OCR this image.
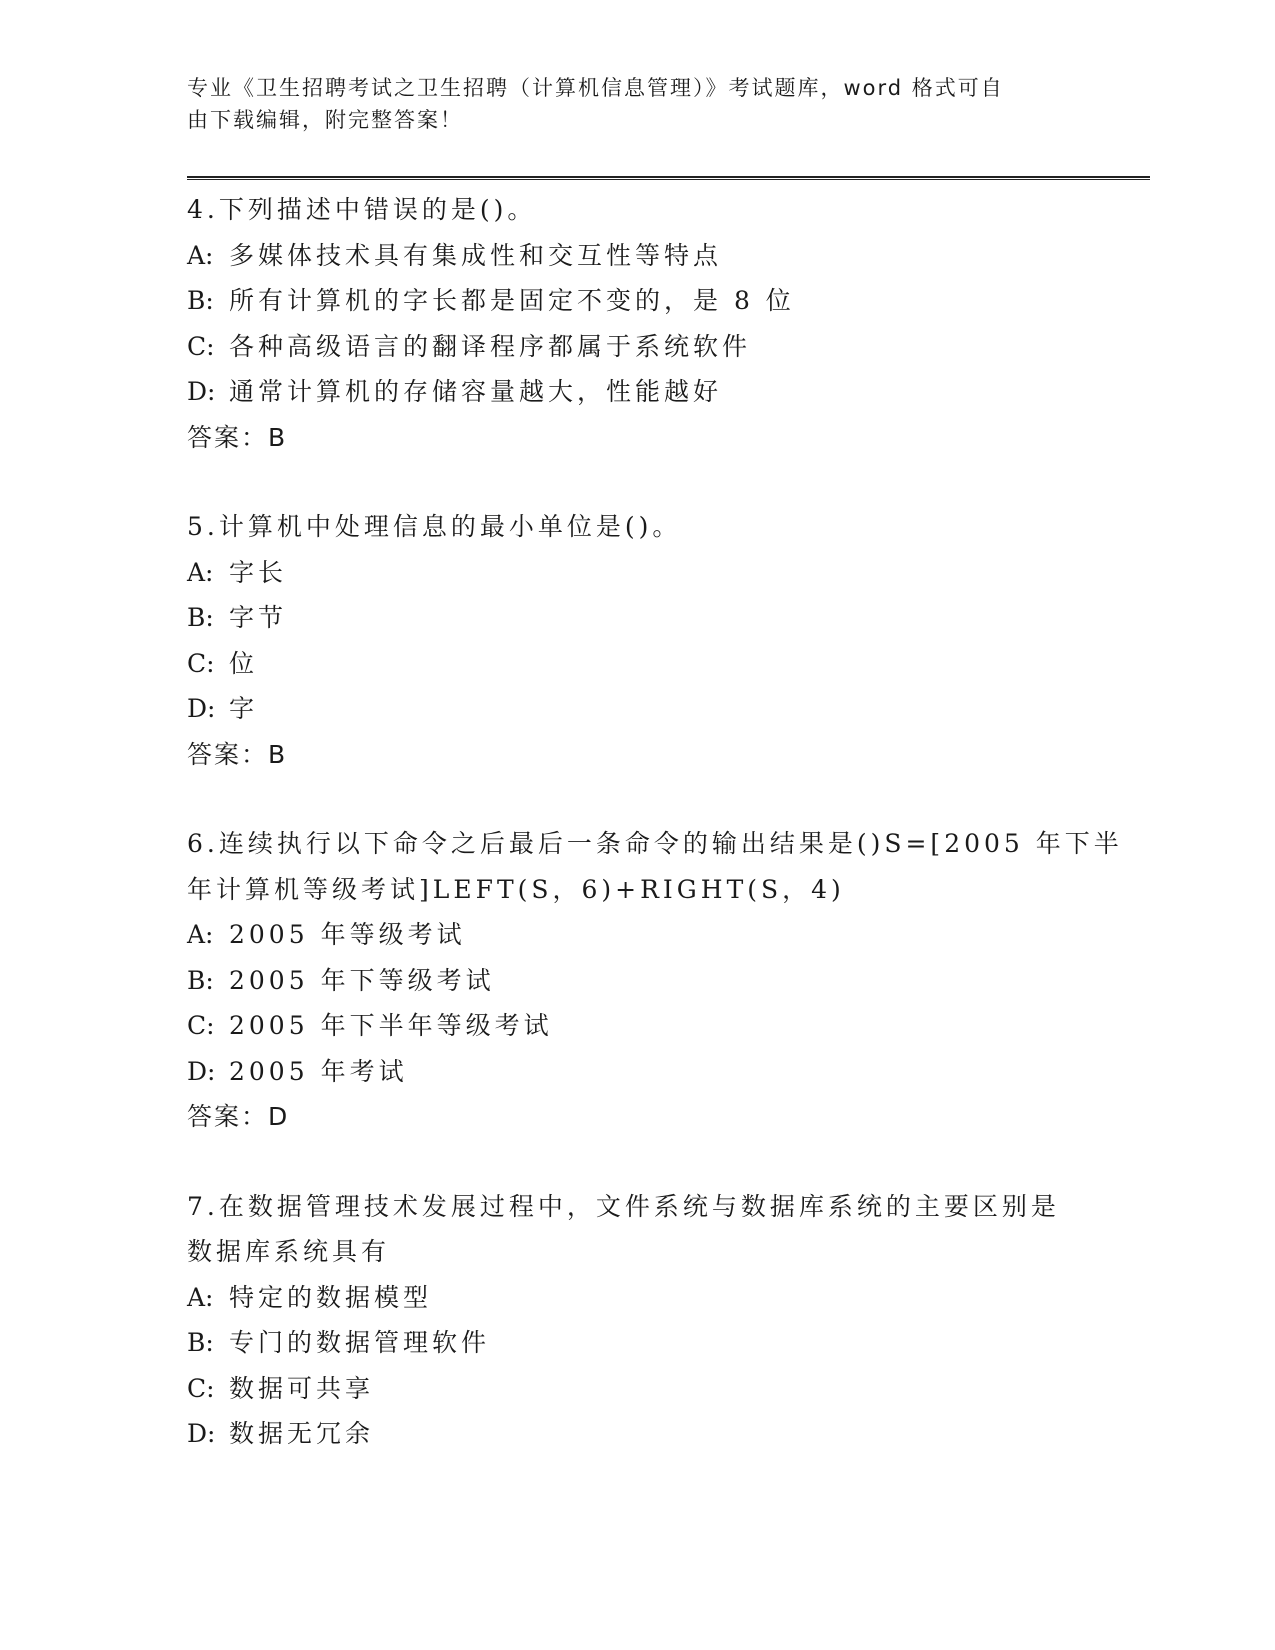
专业《卫生招聘考试之卫生招聘（计算机信息管理）》考试题库，word 格式可自
由下载编辑，附完整答案！
4.下列描述中错误的是()。
A: 多媒体技术具有集成性和交互性等特点
B: 所有计算机的字长都是固定不变的，是 8 位
C: 各种高级语言的翻译程序都属于系统软件
D: 通常计算机的存储容量越大，性能越好
答案：B
5.计算机中处理信息的最小单位是()。
A: 字长
B: 字节
C: 位
D: 字
答案：B
6.连续执行以下命令之后最后一条命令的输出结果是()S=[2005 年下半
年计算机等级考试]LEFT(S，6)+RIGHT(S，4)
A: 2005 年等级考试
B: 2005 年下等级考试
C: 2005 年下半年等级考试
D: 2005 年考试
答案：D
7.在数据管理技术发展过程中，文件系统与数据库系统的主要区别是
数据库系统具有
A: 特定的数据模型
B: 专门的数据管理软件
C: 数据可共享
D: 数据无冗余
